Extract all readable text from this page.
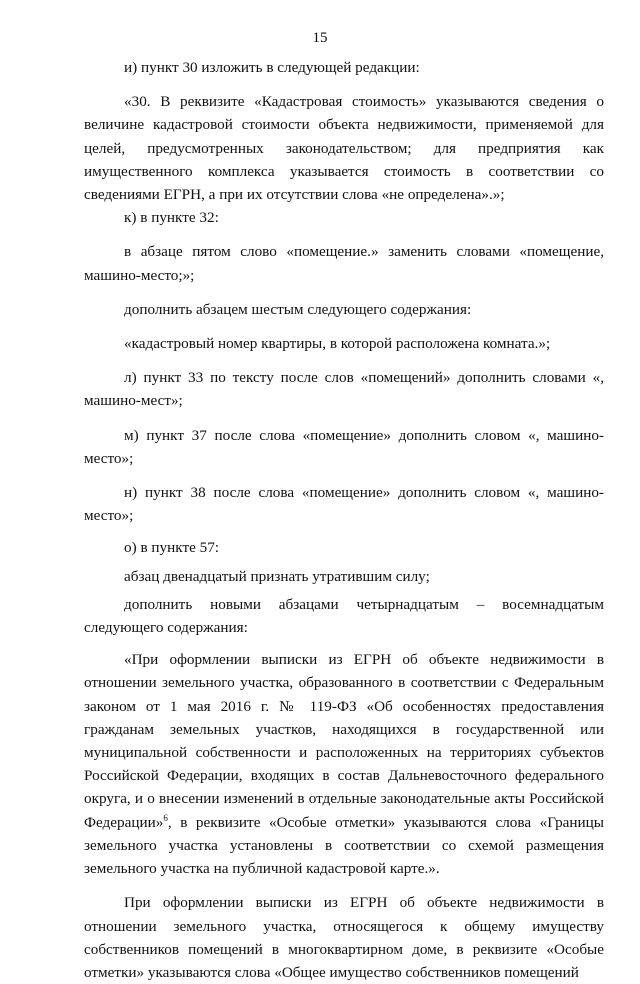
15

и) пункт 30 изложить в следующей редакции:

«30. В реквизите «Кадастровая стоимость» указываются сведения о величине кадастровой стоимости объекта недвижимости, применяемой для целей, предусмотренных законодательством; для предприятия как имущественного комплекса указывается стоимость в соответствии со сведениями ЕГРН, а при их отсутствии слова «не определена».»;

к) в пункте 32:

в абзаце пятом слово «помещение.» заменить словами «помещение, машино-место;»;

дополнить абзацем шестым следующего содержания:

«кадастровый номер квартиры, в которой расположена комната.»;

л) пункт 33 по тексту после слов «помещений» дополнить словами «, машино-мест»;

м) пункт 37 после слова «помещение» дополнить словом «, машино-место»;

н) пункт 38 после слова «помещение» дополнить словом «, машино-место»;

о) в пункте 57:

абзац двенадцатый признать утратившим силу;

дополнить новыми абзацами четырнадцатым – восемнадцатым следующего содержания:

«При оформлении выписки из ЕГРН об объекте недвижимости в отношении земельного участка, образованного в соответствии с Федеральным законом от 1 мая 2016 г. № 119-ФЗ «Об особенностях предоставления гражданам земельных участков, находящихся в государственной или муниципальной собственности и расположенных на территориях субъектов Российской Федерации, входящих в состав Дальневосточного федерального округа, и о внесении изменений в отдельные законодательные акты Российской Федерации»$^6$, в реквизите «Особые отметки» указываются слова «Границы земельного участка установлены в соответствии со схемой размещения земельного участка на публичной кадастровой карте.».

При оформлении выписки из ЕГРН об объекте недвижимости в отношении земельного участка, относящегося к общему имуществу собственников помещений в многоквартирном доме, в реквизите «Особые отметки» указываются слова «Общее имущество собственников помещений
